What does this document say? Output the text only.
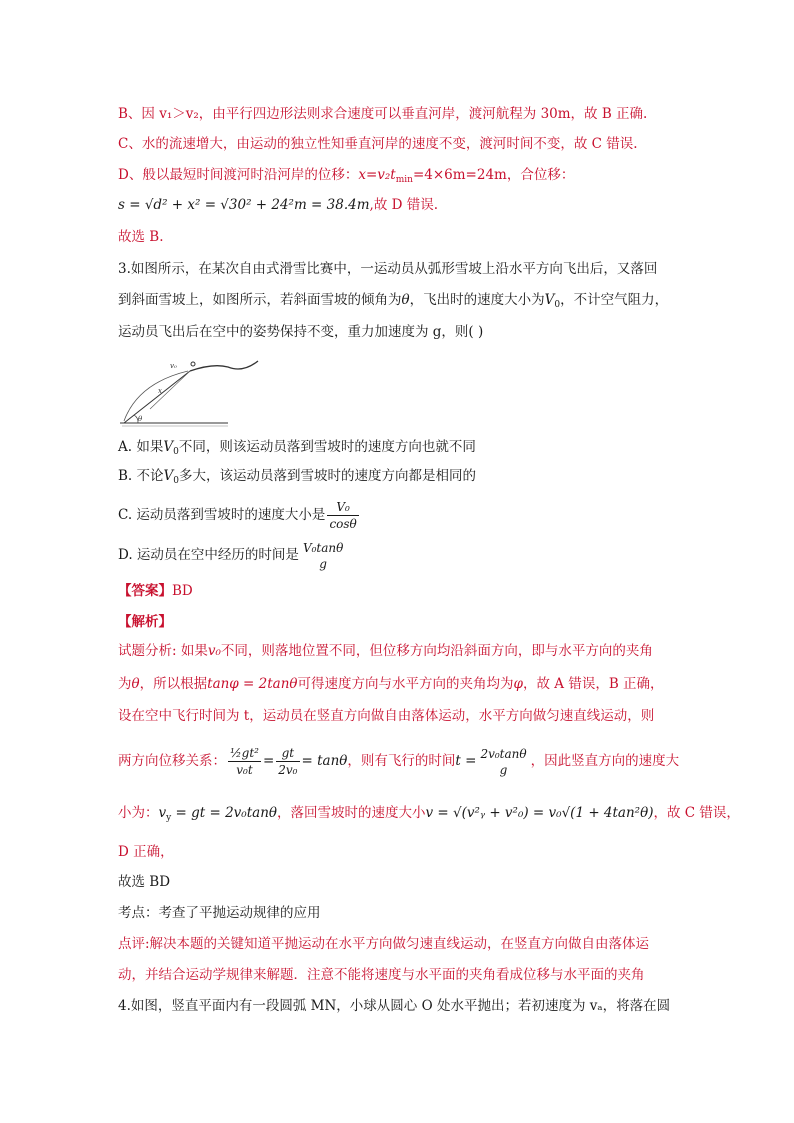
B、因 v₁＞v₂，由平行四边形法则求合速度可以垂直河岸，渡河航程为 30m，故 B 正确.
C、水的流速增大，由运动的独立性知垂直河岸的速度不变，渡河时间不变，故 C 错误.
D、般以最短时间渡河时沿河岸的位移：$x=v_2t_{min}=4\times 6m=24m$，合位移：
s = √d² + x² = √30² + 24²m = 38.4m,故 D 错误.
故选 B.
3.如图所示，在某次自由式滑雪比赛中，一运动员从弧形雪坡上沿水平方向飞出后，又落回
到斜面雪坡上，如图所示，若斜面雪坡的倾角为θ，飞出时的速度大小为$V_0$，不计空气阻力，
运动员飞出后在空中的姿势保持不变，重力加速度为 g，则( )
v₀
x
θ
A. 如果$V_0$不同，则该运动员落到雪坡时的速度方向也就不同
B. 不论$V_0$多大，该运动员落到雪坡时的速度方向都是相同的
C. 运动员落到雪坡时的速度大小是 $\frac{\text{V₀}}{\cos\theta}$
D. 运动员在空中经历的时间是 V₀tanθ
g
【答案】BD
【解析】
试题分析: 如果v₀不同，则落地位置不同，但位移方向均沿斜面方向，即与水平方向的夹角
为θ，所以根据tanφ = 2tanθ可得速度方向与水平方向的夹角均为φ，故 A 错误，B 正确，
设在空中飞行时间为 t，运动员在竖直方向做自由落体运动，水平方向做匀速直线运动，则
两方向位移关系： $\frac{\text{½gt²}}{\text{v₀t}} = \frac{gt}{\text{2v₀}} = \tan\theta$，则有飞行的时间t = 2v₀tanθ
g
，因此竖直方向的速度大
小为：$v_y$ = gt = 2v₀tanθ，落回雪坡时的速度大小v = √(v²ᵧ + v²₀) = v₀√(1 + 4tan²θ)，故 C 错误，
D 正确，
故选 BD
考点：考查了平抛运动规律的应用
点评:解决本题的关键知道平抛运动在水平方向做匀速直线运动，在竖直方向做自由落体运
动，并结合运动学规律来解题．注意不能将速度与水平面的夹角看成位移与水平面的夹角
4.如图，竖直平面内有一段圆弧 MN，小球从圆心 O 处水平抛出；若初速度为 vₐ，将落在圆
